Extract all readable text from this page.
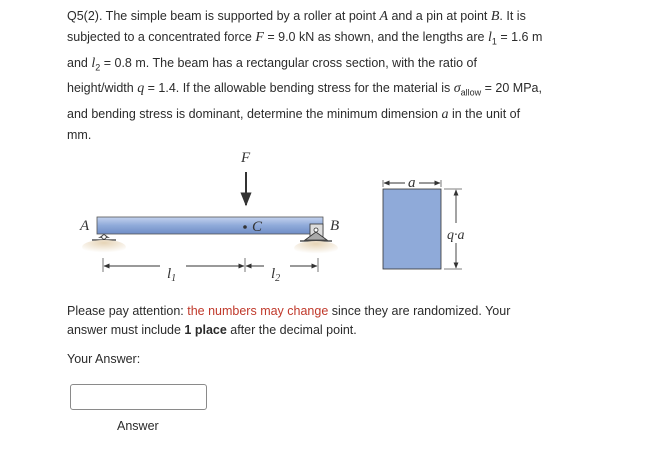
Q5(2). The simple beam is supported by a roller at point A and a pin at point B. It is subjected to a concentrated force F = 9.0 kN as shown, and the lengths are $l_1 = 1.6$ m and $l_2 = 0.8$ m. The beam has a rectangular cross section, with the ratio of height/width q = 1.4. If the allowable bending stress for the material is $\sigma_{allow} = 20$ MPa, and bending stress is dominant, determine the minimum dimension a in the unit of mm.
F
A	B
C
$l_1$	$l_2$
a
q·a
Please pay attention: the numbers may change since they are randomized. Your answer must include 1 place after the decimal point.
Your Answer:
Answer
